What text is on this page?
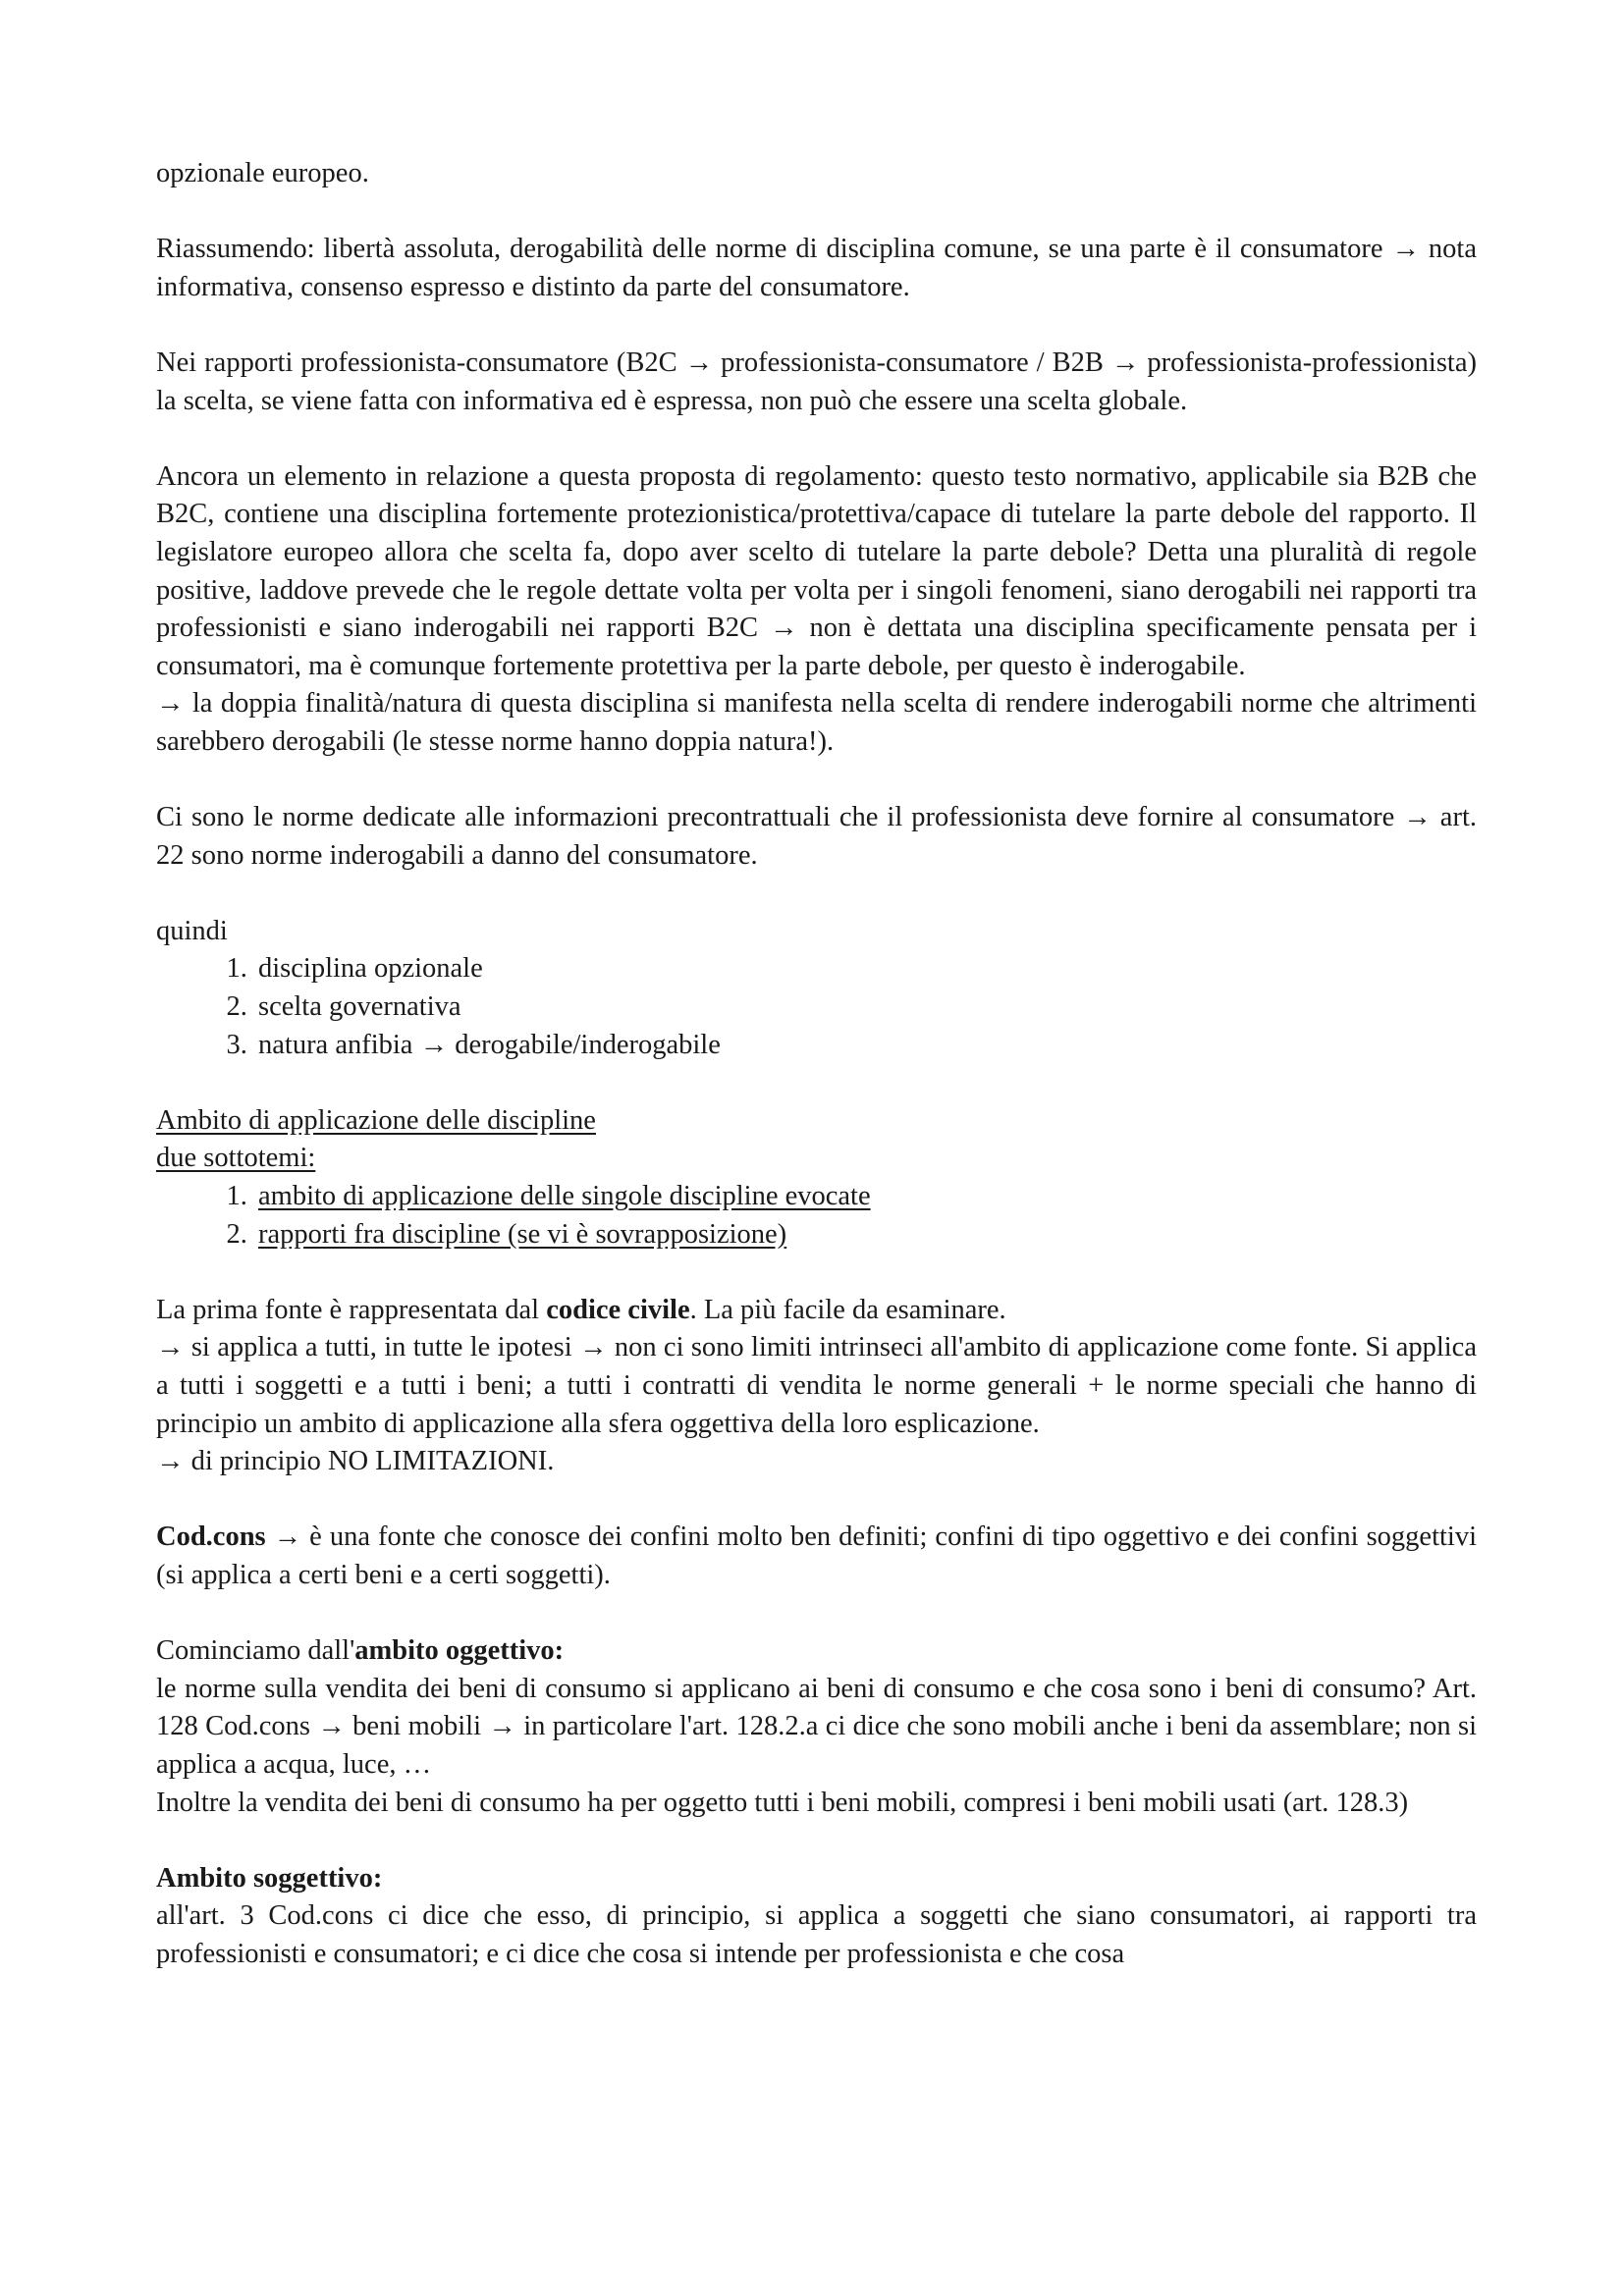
opzionale europeo.

Riassumendo: libertà assoluta, derogabilità delle norme di disciplina comune, se una parte è il consumatore → nota informativa, consenso espresso e distinto da parte del consumatore.

Nei rapporti professionista-consumatore (B2C → professionista-consumatore / B2B → professionista-professionista) la scelta, se viene fatta con informativa ed è espressa, non può che essere una scelta globale.

Ancora un elemento in relazione a questa proposta di regolamento: questo testo normativo, applicabile sia B2B che B2C, contiene una disciplina fortemente protezionistica/protettiva/capace di tutelare la parte debole del rapporto. Il legislatore europeo allora che scelta fa, dopo aver scelto di tutelare la parte debole? Detta una pluralità di regole positive, laddove prevede che le regole dettate volta per volta per i singoli fenomeni, siano derogabili nei rapporti tra professionisti e siano inderogabili nei rapporti B2C → non è dettata una disciplina specificamente pensata per i consumatori, ma è comunque fortemente protettiva per la parte debole, per questo è inderogabile.

→ la doppia finalità/natura di questa disciplina si manifesta nella scelta di rendere inderogabili norme che altrimenti sarebbero derogabili (le stesse norme hanno doppia natura!).

Ci sono le norme dedicate alle informazioni precontrattuali che il professionista deve fornire al consumatore → art. 22 sono norme inderogabili a danno del consumatore.

quindi

1. disciplina opzionale
2. scelta governativa
3. natura anfibia → derogabile/inderogabile

Ambito di applicazione delle discipline

due sottotemi:

1. ambito di applicazione delle singole discipline evocate
2. rapporti fra discipline (se vi è sovrapposizione)

La prima fonte è rappresentata dal codice civile. La più facile da esaminare.

→ si applica a tutti, in tutte le ipotesi → non ci sono limiti intrinseci all'ambito di applicazione come fonte. Si applica a tutti i soggetti e a tutti i beni; a tutti i contratti di vendita le norme generali + le norme speciali che hanno di principio un ambito di applicazione alla sfera oggettiva della loro esplicazione.

→ di principio NO LIMITAZIONI.

Cod.cons → è una fonte che conosce dei confini molto ben definiti; confini di tipo oggettivo e dei confini soggettivi (si applica a certi beni e a certi soggetti).

Cominciamo dall'ambito oggettivo:

le norme sulla vendita dei beni di consumo si applicano ai beni di consumo e che cosa sono i beni di consumo? Art. 128 Cod.cons → beni mobili → in particolare l'art. 128.2.a ci dice che sono mobili anche i beni da assemblare; non si applica a acqua, luce, …

Inoltre la vendita dei beni di consumo ha per oggetto tutti i beni mobili, compresi i beni mobili usati (art. 128.3)

Ambito soggettivo:

all'art. 3 Cod.cons ci dice che esso, di principio, si applica a soggetti che siano consumatori, ai rapporti tra professionisti e consumatori; e ci dice che cosa si intende per professionista e che cosa
